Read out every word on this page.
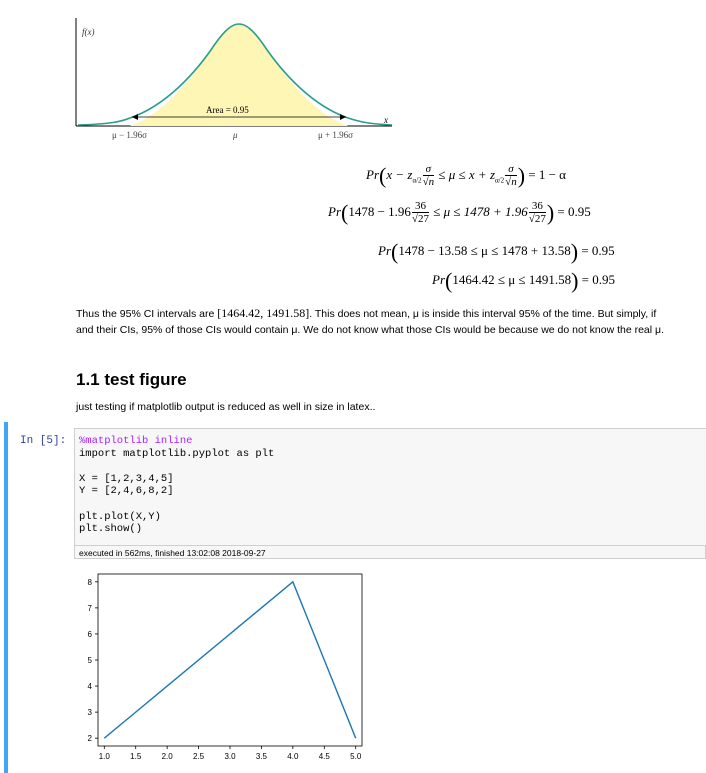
f(x)
Area = 0.95
x
μ − 1.96σ	μ	μ + 1.96σ
$Pr(x - z_{\alpha/2} \frac{\sigma}{√n} \le \mu \le x + z_{\alpha/2} \frac{\sigma}{√n}$ ) = 1 − α
$Pr(1478 - 1.96 \frac{36}{√27} \le \mu \le 1478 + 1.96 \frac{36}{√27}$ ) = 0.95
Pr(1478 − 13.58 ≤ μ ≤ 1478 + 13.58) = 0.95
Pr(1464.42 ≤ μ ≤ 1491.58) = 0.95
Thus the 95% CI intervals are [1464.42, 1491.58]. This does not mean, μ is inside this interval 95% of the time. But simply, if
and their CIs, 95% of those CIs would contain μ. We do not know what those CIs would be because we do not know the real μ.
1.1 test figure
just testing if matplotlib output is reduced as well in size in latex..
In [5]:	%matplotlib inline
import matplotlib.pyplot as plt

X = [1,2,3,4,5]
Y = [2,4,6,8,2]

plt.plot(X,Y)
plt.show()
executed in 562ms, finished 13:02:08 2018-09-27
1.0	1.5	2.0	2.5	3.0	3.5	4.0	4.5	5.0
2
3
4
5
6
7
8
